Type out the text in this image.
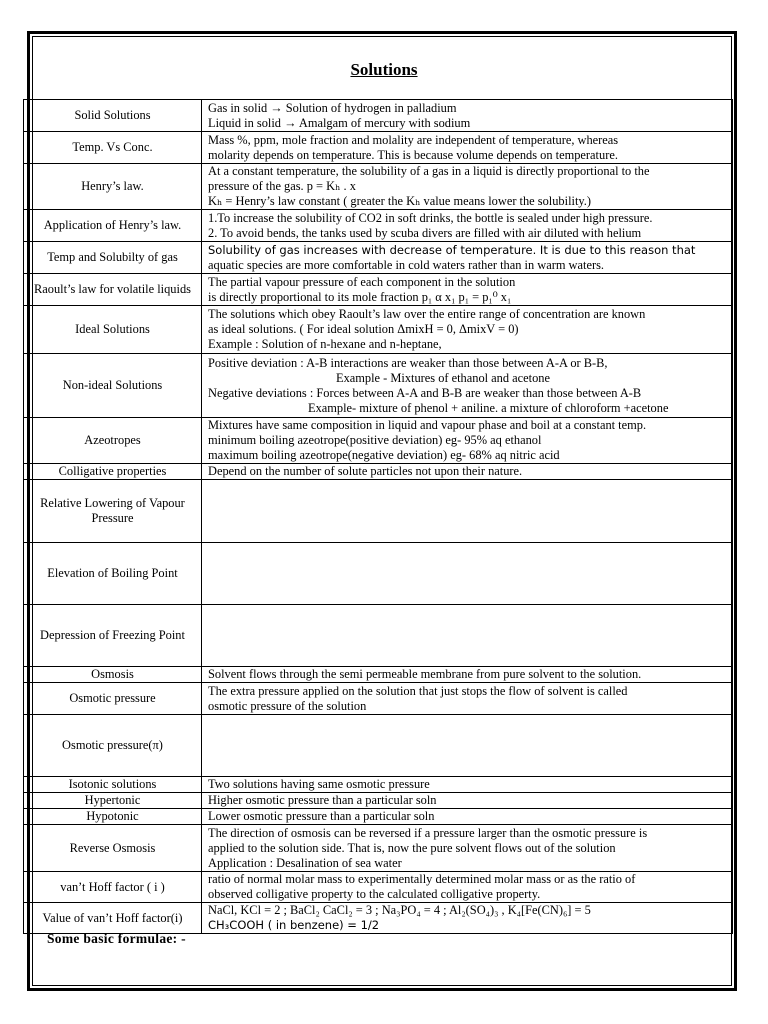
Solutions
Solid Solutions	Gas in solid → Solution of hydrogen in palladium
Liquid in solid → Amalgam of mercury with sodium

Temp. Vs Conc.	Mass %, ppm, mole fraction and molality are independent of temperature, whereas
molarity depends on temperature. This is because volume depends on temperature.

Henry’s law.	At a constant temperature, the solubility of a gas in a liquid is directly proportional to the
pressure of the gas. p = Kₕ . x
Kₕ = Henry’s law constant ( greater the Kₕ value means lower the solubility.)

Application of Henry’s law.	1.To increase the solubility of CO2 in soft drinks, the bottle is sealed under high pressure.
2. To avoid bends, the tanks used by scuba divers are filled with air diluted with helium

Temp and Solubilty of gas	Solubility of gas increases with decrease of temperature. It is due to this reason that
aquatic species are more comfortable in cold waters rather than in warm waters.

Raoult’s law for volatile liquids	The partial vapour pressure of each component in the solution
is directly proportional to its mole fraction p₁ α x₁ p₁ = p₁⁰ x₁

Ideal Solutions	The solutions which obey Raoult’s law over the entire range of concentration are known
as ideal solutions. ( For ideal solution ΔmixH = 0, ΔmixV = 0)
Example : Solution of n-hexane and n-heptane,

Non-ideal Solutions	Positive deviation : A-B interactions are weaker than those between A-A or B-B,
Example - Mixtures of ethanol and acetone
Negative deviations : Forces between A-A and B-B are weaker than those between A-B
Example- mixture of phenol + aniline. a mixture of chloroform +acetone

Azeotropes	Mixtures have same composition in liquid and vapour phase and boil at a constant temp.
minimum boiling azeotrope(positive deviation) eg- 95% aq ethanol
maximum boiling azeotrope(negative deviation) eg- 68% aq nitric acid

Colligative properties	Depend on the number of solute particles not upon their nature.

Relative Lowering of Vapour Pressure	
Elevation of Boiling Point	
Depression of Freezing Point	
Osmosis	Solvent flows through the semi permeable membrane from pure solvent to the solution.

Osmotic pressure	The extra pressure applied on the solution that just stops the flow of solvent is called
osmotic pressure of the solution

Osmotic pressure(π)	
Isotonic solutions	Two solutions having same osmotic pressure

Hypertonic	Higher osmotic pressure than a particular soln

Hypotonic	Lower osmotic pressure than a particular soln

Reverse Osmosis	The direction of osmosis can be reversed if a pressure larger than the osmotic pressure is
applied to the solution side. That is, now the pure solvent flows out of the solution
Application : Desalination of sea water

van’t Hoff factor ( i )	ratio of normal molar mass to experimentally determined molar mass or as the ratio of
observed colligative property to the calculated colligative property.

Value of van’t Hoff factor(i)	NaCl, KCl = 2 ; BaCl₂ CaCl₂ = 3 ; Na₃PO₄ = 4 ; Al₂(SO₄)₃ , K₄[Fe(CN)₆] = 5
CH₃COOH ( in benzene) = 1/2
Some basic formulae: -
